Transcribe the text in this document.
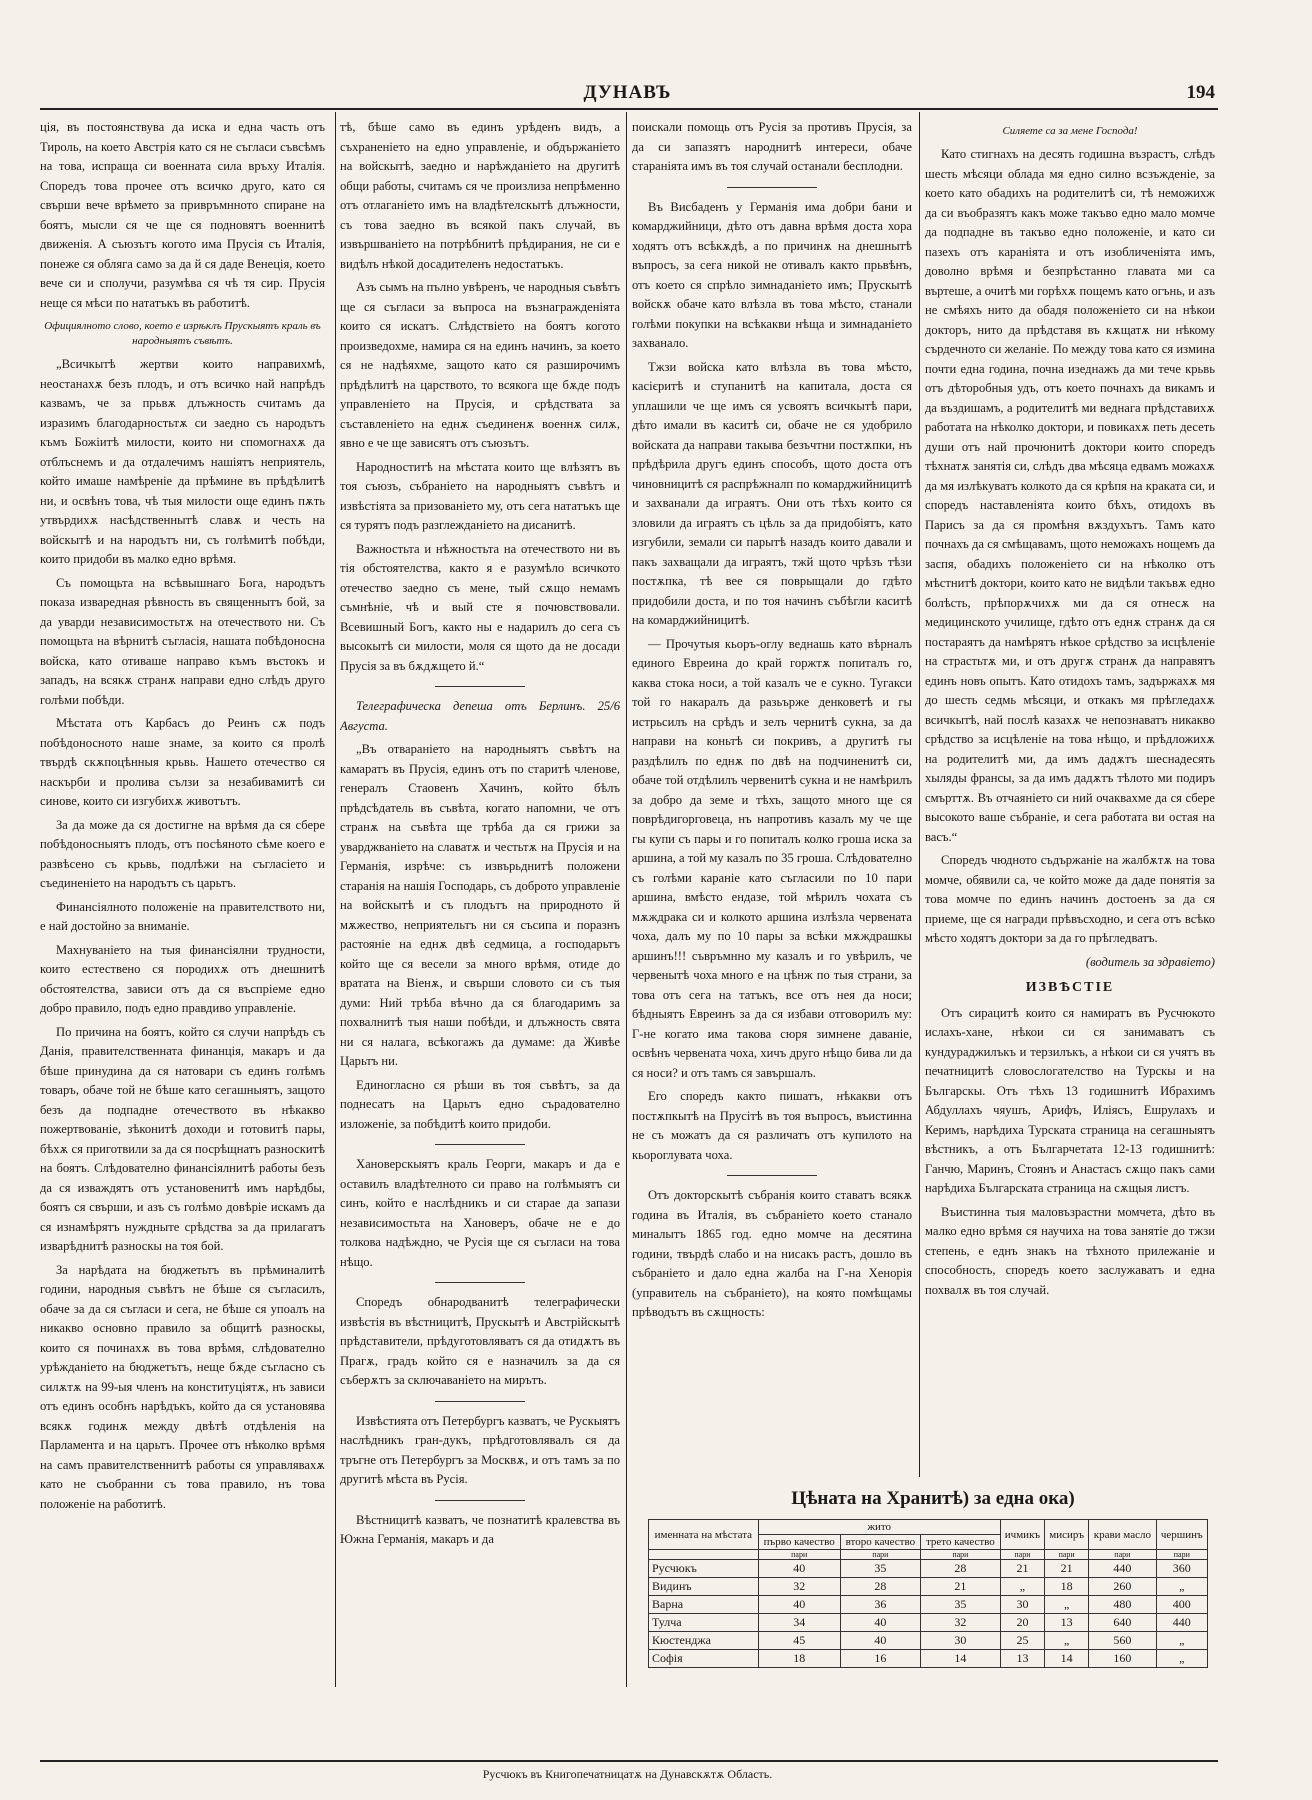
ДУНАВЪ	194

ція, въ постоянствува да иска и една часть отъ Тироль, на което Австрія като ся не съгласи съвсѣмъ на това, испраща си военната сила връху Италія. Споредъ това прочее отъ всичко друго, като ся свърши вече врѣмето за привръмнното спиране на боятъ, мысли ся че ще ся подновятъ военнитѣ движенія. А съюзътъ когото има Прусія съ Италія, понеже ся обляга само за да й ся даде Венеція, което вече си и сполучи, разумѣва ся чѣ тя сир. Прусія неще ся мѣси по нататъкъ въ работитѣ.

Официялното слово, което е изрѣклъ Прускыятъ краль въ народныятъ съвѣтъ.

„Всичкытѣ жертви които направихмѣ, неостанахѫ безъ плодъ, и отъ всичко най напрѣдъ казвамъ, че за прьвѫ длъжность считамъ да изразимъ благодарностьтѫ си заедно съ народътъ къмъ Божіитѣ милости, които ни спомогнахѫ да отблъснемъ и да отдалечимъ нашіятъ неприятель, който имаше намѣреніе да прѣмине въ прѣдѣлитѣ ни, и освѣнъ това, чѣ тыя милости още единъ пѫть утвърдихѫ насѣдственнытѣ славѫ и честь на войскытѣ и на народътъ ни, съ голѣмитѣ побѣди, които придоби въ малко едно врѣмя.

Съ помощьта на всѣвышнаго Бога, народътъ показа изваредная рѣвность въ священнытъ бой, за да уварди независимостьтѫ на отечеството ни. Съ помощьта на вѣрнитѣ съгласія, нашата побѣдоносна войска, като отиваше направо къмъ въстокъ и западъ, на всякѫ странѫ направи едно слѣдъ друго голѣми побѣди.

Мѣстата отъ Карбасъ до Реинъ сѫ подъ побѣдоносното наше знаме, за които ся пролѣ твърдѣ скѫпоцѣнныя крьвь. Нашето отечество ся наскърби и пролива сълзи за незабивамитѣ си синове, които си изгубихѫ животътъ.

За да може да ся достигне на врѣмя да ся сбере побѣдоносныятъ плодъ, отъ посѣяното сѣме коего е развѣсено съ крьвь, подлѣжи на съгласіето и съединеніето на народътъ съ царьтъ.

Финансіялното положеніе на правителството ни, е най достойно за вниманіе.

Махнуваніето на тыя финансіялни трудности, които естествено ся породихѫ отъ днешнитѣ обстоятелства, зависи отъ да ся въспріеме едно добро правило, подъ едно правдиво управленіе.

По причина на боятъ, който ся случи напрѣдъ съ Данія, правителственната финанція, макаръ и да бѣше принудина да ся натовари съ единъ голѣмъ товаръ, обаче той не бѣше като сегашныятъ, защото безъ да подпадне отечеството въ нѣкакво пожертвованіе, зѣконитѣ доходи и готовитѣ пары, бѣхѫ ся приготвили за да ся посрѣщнатъ разноскитѣ на боятъ. Слѣдователно финансіялнитѣ работы безъ да ся изваждятъ отъ установенитѣ имъ нарѣдбы, боятъ ся свърши, и азъ съ голѣмо довѣріе искамъ да ся изнамѣрятъ нуждныте срѣдства за да прилагатъ изварѣднитѣ разноскы на тоя бой.

За нарѣдата на бюджетьтъ въ прѣминалитѣ години, народныя съвѣтъ не бѣше ся съгласилъ, обаче за да ся съгласи и сега, не бѣше ся упоалъ на никакво основно правило за общитѣ разноскы, които ся починахѫ въ това врѣмя, слѣдователно урѣжданіето на бюджетътъ, неще бѫде съгласно съ силѫтѫ на 99-ыя членъ на конституціятѫ, нъ зависи отъ единъ особнъ нарѣдъкъ, който да ся установява всякѫ годинѫ между двѣтѣ отдѣленія на Парламента и на царьтъ. Прочее отъ нѣколко врѣмя на самъ правителственнитѣ работы ся управлявахѫ като не съобранни съ това правило, нъ това положеніе на работитѣ.

тѣ, бѣше само въ единъ урѣденъ видъ, а съхраненіето на едно управленіе, и обдържаніето на войскытѣ, заедно и нарѣжданіето на другитѣ общи работы, считамъ ся че произлиза непрѣменно отъ отлаганіето имъ на владѣтелскытѣ длъжности, съ това заедно въ всякой пакъ случай, въ извършваніето на потрѣбнитѣ прѣдирания, не си е видѣлъ нѣкой досадителенъ недостатъкъ.

Азъ сымъ на пълно увѣренъ, че народныя съвѣтъ ще ся съгласи за въпроса на възнагражденіята които ся искатъ. Слѣдствіето на боятъ когото произведохме, намира ся на единъ начинъ, за което ся не надѣяхме, защото като ся разширочимъ прѣдѣлитѣ на царството, то всякога ще бѫде подъ управленіето на Прусія, и срѣдствата за съставленіето на еднѫ съединенѫ военнѫ силѫ, явно е че ще зависятъ отъ съюзътъ.

Народноститѣ на мѣстата които ще влѣзятъ въ тоя съюзъ, събраніето на народныятъ съвѣтъ и извѣстіята за призованіето му, отъ сега нататъкъ ще ся турятъ подъ разглежданіето на дисанитѣ.

Важностьта и нѣжностьта на отечеството ни въ тія обстоятелства, както я е разумѣло всичкото отечество заедно съ мене, тый сѫщо немамъ съмнѣніе, чѣ и вый сте я почювствовали. Всевишный Богъ, както ны е надарилъ до сега съ высокытѣ си милости, моля ся щото да не досади Прусія за въ бѫдѫщето й.“

Телеграфическа депеша отъ Берлинъ. 25/6 Августа.

„Въ отвараніето на народныятъ съвѣтъ на камаратъ въ Прусія, единъ отъ по старитѣ членове, генералъ Стаовенъ Хачинъ, който бѣлъ прѣдсѣдатель въ съвѣта, когато напомни, че отъ странѫ на съвѣта ще трѣба да ся грижи за уварджваніето на славатѫ и честьтѫ на Прусія и на Германія, изрѣче: съ извърьднитѣ положени старанія на нашія Господарь, съ доброто управленіе на войскытѣ и съ плодътъ на природното й мѫжество, неприятельтъ ни ся съсипа и поразнъ растояніе на еднѫ двѣ седмица, а господарьтъ който ще ся весели за много врѣмя, отиде до вратата на Віенѫ, и свърши словото си съ тыя думи: Ний трѣба вѣчно да ся благодаримъ за похвалнитѣ тыя наши побѣди, и длъжность свята ни ся налага, всѣкогажъ да думаме: да Живѣе Царьтъ ни.

Единогласно ся рѣши въ тоя съвѣтъ, за да поднесатъ на Царьтъ едно сърадователно изложеніе, за побѣдитѣ които придоби.

Хановерскыятъ краль Георги, макаръ и да е оставилъ владѣтелното си право на голѣмыятъ си синъ, който е наслѣдникъ и си старае да запази независимостьта на Хановеръ, обаче не е до толкова надѣждно, че Русія ще ся съгласи на това нѣщо.

Споредъ обнародванитѣ телеграфически извѣстія въ вѣстницитѣ, Прускытѣ и Австрійскытѣ прѣдставители, прѣдуготовляватъ ся да отидѫтъ въ Прагѫ, градъ който ся е назначилъ за да ся съберѫтъ за сключаваніето на мирътъ.

Извѣстията отъ Петербургъ казватъ, че Рускыятъ наслѣдникъ гран-дукъ, прѣдготовлявалъ ся да тръгне отъ Петербургъ за Москвѫ, и отъ тамъ за по другитѣ мѣста въ Русія.

Вѣстницитѣ казватъ, че познатитѣ кралевства въ Южна Германія, макаръ и да

поискали помощь отъ Русія за противъ Прусія, за да си запазятъ народнитѣ интереси, обаче стараніята имъ въ тоя случай останали бесплодни.

Въ Висбаденъ у Германія има добри бани и комарджийници, дѣто отъ давна врѣмя доста хора ходятъ отъ всѣкѫдѣ, а по причинѫ на днешнытѣ въпросъ, за сега никой не отивалъ както прьвѣнъ, отъ което ся спрѣло зимнаданіето имъ; Прускытѣ войскѫ обаче като влѣзла въ това мѣсто, станали голѣми покупки на всѣкакви нѣща и зимнаданіето захванало.

Тжзи войска като влѣзла въ това мѣсто, касієритѣ и ступанитѣ на капитала, доста ся уплашили че ще имъ ся усвоятъ всичкытѣ пари, дѣто имали въ каситѣ си, обаче не ся удобрило войската да направи такыва безъчтни постѫпки, нъ прѣдѣрила другъ единъ способъ, щото доста отъ чиновницитѣ ся распрѣжналп по комарджийницитѣ и захванали да играятъ. Они отъ тѣхъ които ся зловили да играятъ съ цѣль за да придобіятъ, като изгубили, земали си парытѣ назадъ които давали и пакъ захващали да играятъ, тжй щото чрѣзъ тѣзи постѫпка, тѣ вее ся поврыщали до гдѣто придобили доста, и по тоя начинъ събѣгли каситѣ на комарджийницитѣ.

— Прочутыя кьоръ-оглу веднашь като вѣрналъ единого Евреина до край горжтѫ попиталъ го, каква стока носи, а той казалъ че е сукно. Тугакси той го накаралъ да разьърже денковетѣ и гы истрьсилъ на срѣдъ и зелъ чернитѣ сукна, за да направи на коньтѣ си покривъ, а другитѣ гы раздѣлилъ по еднѫ по двѣ на подчиненитѣ си, обаче той отдѣлилъ червенитѣ сукна и не намѣрилъ за добро да земе и тѣхъ, защото много ще ся поврѣдигорговеца, нъ напротивъ казалъ му че ще гы купи съ пары и го попиталъ колко гроша иска за аршина, а той му казалъ по 35 гроша. Слѣдователно съ голѣми караніе като съгласили по 10 пари аршина, вмѣсто ендазе, той мѣрилъ чохата съ мѫждрака си и колкото аршина излѣзла червената чоха, далъ му по 10 пары за всѣки мѫждрашкы аршинъ!!! съвръмнно му казалъ и го увѣрилъ, че червенытѣ чоха много е на цѣнж по тыя страни, за това отъ сега на татъкъ, все отъ нея да носи; бѣдныятъ Евреинъ за да ся избави отговорилъ му: Г-не когато има такова сюря зимнене даваніе, освѣнъ червената чоха, хичъ друго нѣщо бива ли да ся носи? и отъ тамъ ся завършалъ.

Его споредъ както пишатъ, нѣкакви отъ постѫпкытѣ на Прусітѣ въ тоя въпросъ, въистинна не съ можатъ да ся различатъ отъ купилото на кьороглувата чоха.

Отъ докторскытѣ събранія които ставатъ всякѫ година въ Италія, въ събраніето което станало миналытъ 1865 год. едно момче на десятина години, твърдѣ слабо и на нисакъ растъ, дошло въ събраніето и дало една жалба на Г-на Хенорія (управитель на събраніето), на която помѣщамы прѣводътъ въ сѫщность:

Силяете са за мене Господа!

Като стигнахъ на десять годишна възрастъ, слѣдъ шесть мѣсяци облада мя едно силно всзъжденіе, за което като обадихъ на родителитѣ си, тѣ неможихж да си въобразятъ какъ може такъво едно мало момче да подпадне въ такъво едно положеніе, и като си пазехъ отъ караніята и отъ изобличеніята имъ, доволно врѣмя и безпрѣстанно главата ми са въртеше, а очитѣ ми горѣхѫ пощемъ като огънь, и азъ не смѣяхъ нито да обадя положеніето си на нѣкои докторъ, нито да прѣдставя въ кѫщатѫ ни нѣкому сърдечното си желаніе. По между това като ся измина почти една година, почна изеднажъ да ми тече крьвь отъ дѣторобныя удъ, отъ което почнахъ да викамъ и да въздишамъ, а родителитѣ ми веднага прѣдставихѫ работата на нѣколко доктори, и повикахѫ петь десеть души отъ най прочюнитѣ доктори които споредъ тѣхнатѫ занятія си, слѣдъ два мѣсяца едвамъ можахѫ да мя излѣкуватъ колкото да ся крѣпя на краката си, и споредъ наставленіята които бѣхъ, отидохъ въ Парисъ за да ся промѣня вѫздухътъ. Тамъ като почнахъ да ся смѣщавамъ, щото неможахъ нощемъ да заспя, обадихъ положеніето си на нѣколко отъ мѣстнитѣ доктори, които като не видѣли такъвѫ едно болѣсть, прѣпорѫчихѫ ми да ся отнесѫ на медицинското училище, гдѣто отъ еднѫ странѫ да ся постараятъ да намѣрятъ нѣкое срѣдство за исцѣленіе на страстьтѫ ми, и отъ другѫ странѫ да направятъ единъ новъ опытъ. Като отидохъ тамъ, задържахѫ мя до шесть седмь мѣсяци, и откакъ мя прѣгледахѫ всичкытѣ, най послѣ казахѫ че непознаватъ никакво срѣдство за исцѣленіе на това нѣщо, и прѣдложихѫ на родителитѣ ми, да имъ дадѫтъ шеснадесять хыляды франсы, за да имъ дадѫтъ тѣлото ми подиръ смърттѫ. Въ отчаяніето си ний очаквахме да ся сбере высокото ваше събраніе, и сега работата ви остая на васъ.“

Споредъ чюдното съдържаніе на жалбѫтѫ на това момче, обявили са, че който може да даде понятія за това момче по единъ начинъ достоенъ за да ся приеме, ще ся награди прѣвъсходно, и сега отъ всѣко мѣсто ходятъ доктори за да го прѣгледватъ.

(водитель за здравіето)

ИЗВѢСТІЕ

Отъ сирацитѣ които ся намиратъ въ Русчюкото ислахъ-хане, нѣкои си ся занимаватъ съ кундураджилъкъ и терзилъкъ, а нѣкои си ся учятъ въ печатницитѣ словослогателство на Турскы и на Българскы. Отъ тѣхъ 13 годишнитѣ Ибрахимъ Абдуллахъ чяушъ, Арифъ, Иліясъ, Ешрулахъ и Керимъ, нарѣдиха Турската страница на сегашныятъ вѣстникъ, а отъ Българчетата 12-13 годишнитѣ: Ганчю, Маринъ, Стоянъ и Анастасъ сѫщо пакъ сами нарѣдиха Българската страница на сѫщыя листъ.

Въистинна тыя маловъзрастни момчета, дѣто въ малко едно врѣмя ся научиха на това занятіе до тжзи степень, е еднъ знакъ на тѣхното прилежаніе и способность, споредъ което заслужаватъ и една похвалѫ въ тоя случай.

Цѣната на Хранитѣ) за една ока)
именната на мѣстата	жито			ичмикъ	мисиръ	крави масло	чершинъ
	първо качество	второ качество	трето качество				
	пари	пари	пари	пари	пари	пари	пари
Русчюкъ	40	35	28	21	21	440	360
Видинъ	32	28	21	„	18	260	„
Варна	40	36	35	30	„	480	400
Тулча	34	40	32	20	13	640	440
Кюстенджа	45	40	30	25	„	560	„
Софія	18	16	14	13	14	160	„
Русчюкъ въ Книгопечатницатѫ на Дунавскѫтѫ Область.
